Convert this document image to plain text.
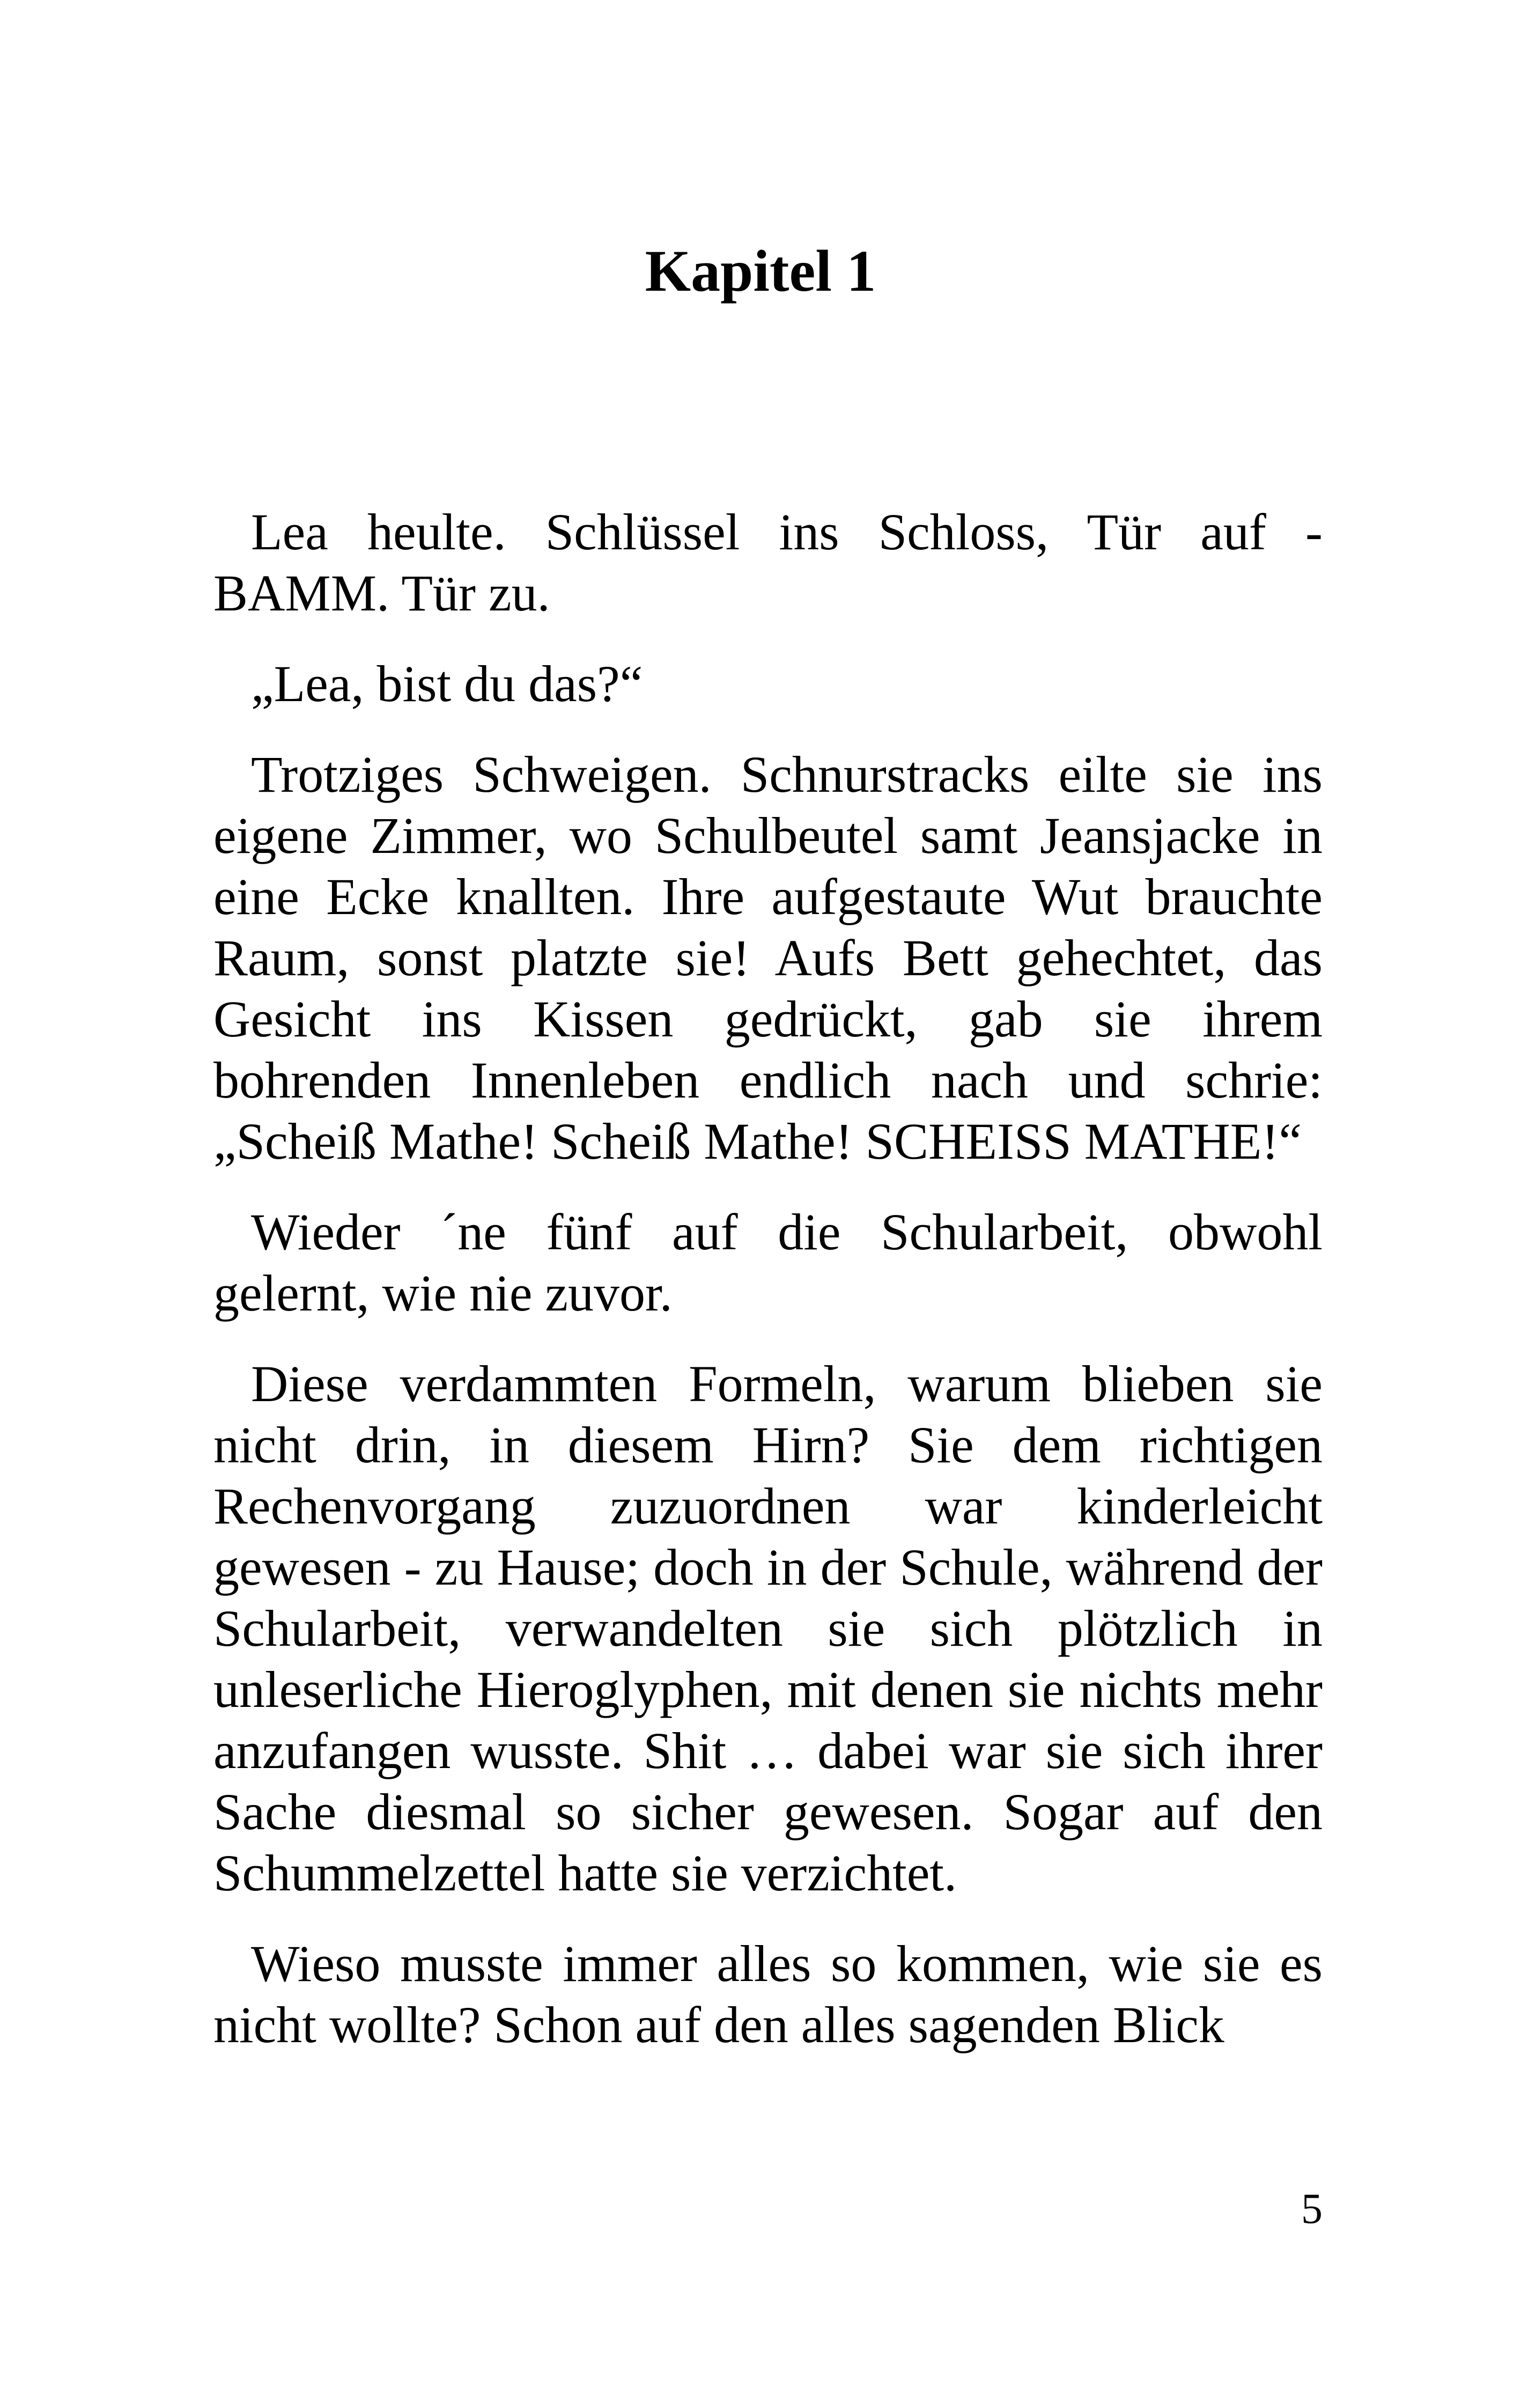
Kapitel 1

Lea heulte. Schlüssel ins Schloss, Tür auf - BAMM. Tür zu.

„Lea, bist du das?“

Trotziges Schweigen. Schnurstracks eilte sie ins eigene Zimmer, wo Schulbeutel samt Jeansjacke in eine Ecke knallten. Ihre aufgestaute Wut brauchte Raum, sonst platzte sie! Aufs Bett gehechtet, das Gesicht ins Kissen gedrückt, gab sie ihrem bohrenden Innenleben endlich nach und schrie: „Scheiß Mathe! Scheiß Mathe! SCHEISS MATHE!“

Wieder ´ne fünf auf die Schularbeit, obwohl gelernt, wie nie zuvor.

Diese verdammten Formeln, warum blieben sie nicht drin, in diesem Hirn? Sie dem richtigen Rechenvorgang zuzuordnen war kinderleicht gewesen - zu Hause; doch in der Schule, während der Schularbeit, verwandelten sie sich plötzlich in unleserliche Hieroglyphen, mit denen sie nichts mehr anzufangen wusste. Shit … dabei war sie sich ihrer Sache diesmal so sicher gewesen. Sogar auf den Schummelzettel hatte sie verzichtet.

Wieso musste immer alles so kommen, wie sie es nicht wollte? Schon auf den alles sagenden Blick

5
